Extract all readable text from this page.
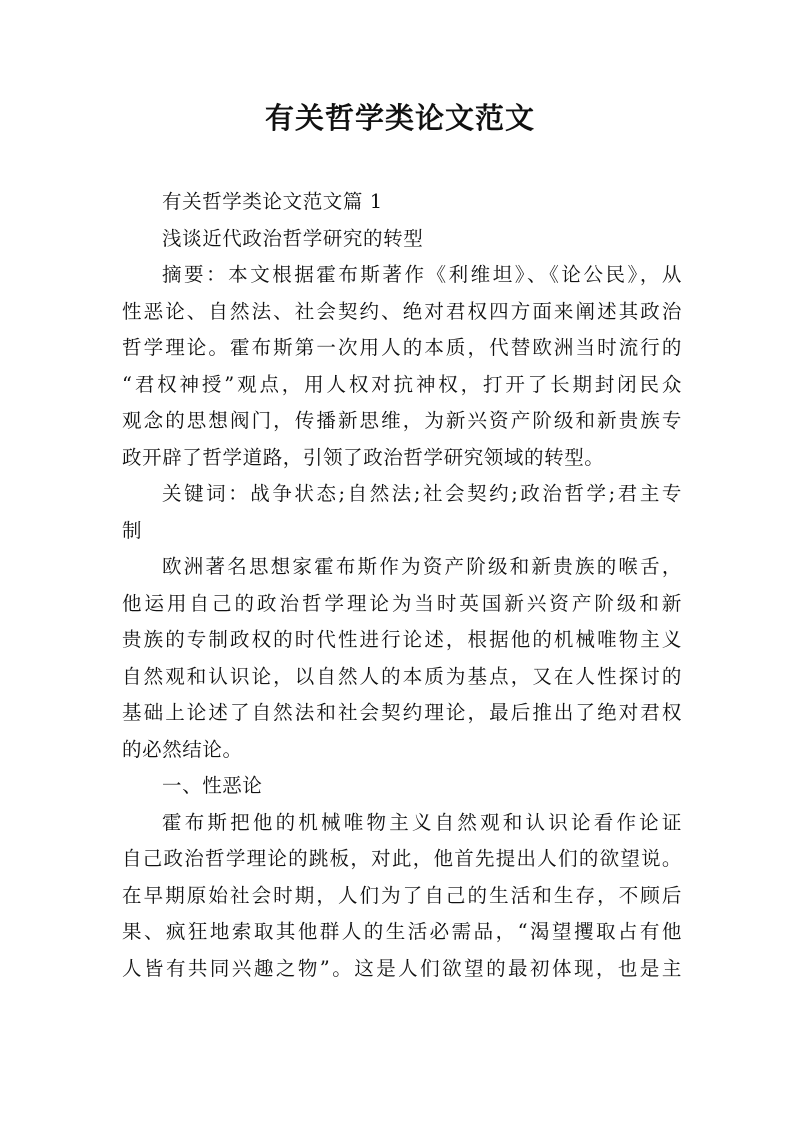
有关哲学类论文范文

有关哲学类论文范文篇 1

浅谈近代政治哲学研究的转型

摘要：本文根据霍布斯著作《利维坦》、《论公民》，从

性恶论、自然法、社会契约、绝对君权四方面来阐述其政治

哲学理论。霍布斯第一次用人的本质，代替欧洲当时流行的

“君权神授”观点，用人权对抗神权，打开了长期封闭民众

观念的思想阀门，传播新思维，为新兴资产阶级和新贵族专

政开辟了哲学道路，引领了政治哲学研究领域的转型。

关键词：战争状态;自然法;社会契约;政治哲学;君主专

制

欧洲著名思想家霍布斯作为资产阶级和新贵族的喉舌，

他运用自己的政治哲学理论为当时英国新兴资产阶级和新

贵族的专制政权的时代性进行论述，根据他的机械唯物主义

自然观和认识论，以自然人的本质为基点，又在人性探讨的

基础上论述了自然法和社会契约理论，最后推出了绝对君权

的必然结论。

一、性恶论

霍布斯把他的机械唯物主义自然观和认识论看作论证

自己政治哲学理论的跳板，对此，他首先提出人们的欲望说。

在早期原始社会时期，人们为了自己的生活和生存，不顾后

果、疯狂地索取其他群人的生活必需品，“渴望攫取占有他

人皆有共同兴趣之物”。这是人们欲望的最初体现，也是主
